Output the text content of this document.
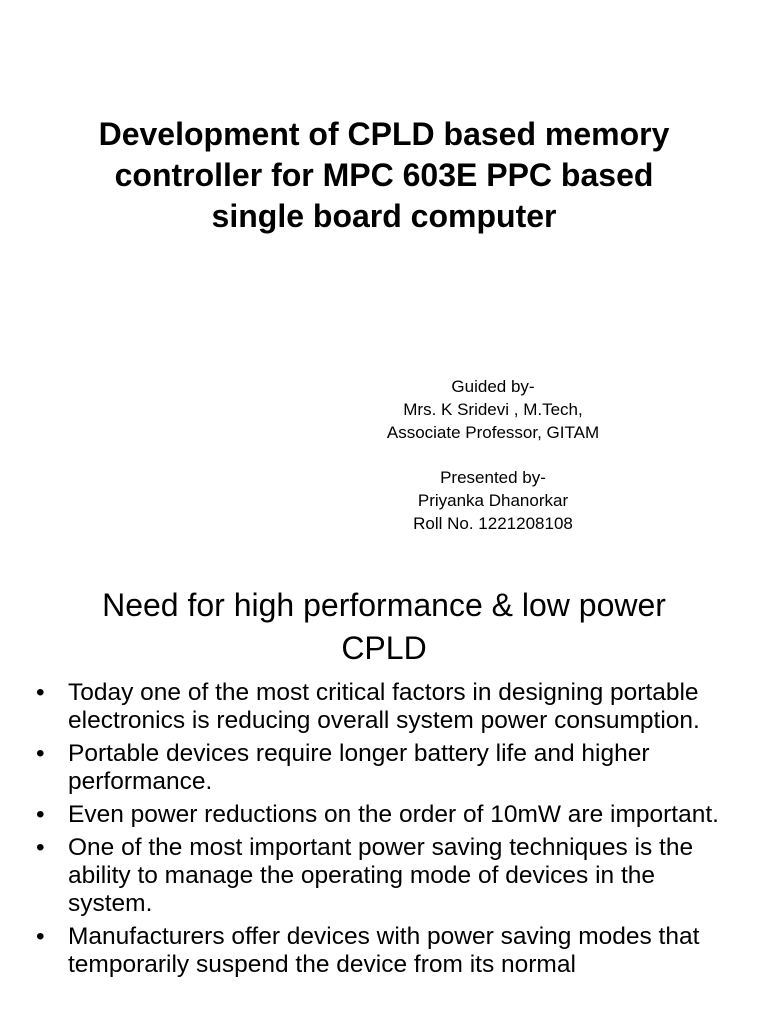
Development of CPLD based memory
controller for MPC 603E PPC based
single board computer
Guided by-
Mrs. K Sridevi , M.Tech,
Associate Professor, GITAM
Presented by-
Priyanka Dhanorkar
Roll No. 1221208108
Need for high performance & low power
CPLD
• Today one of the most critical factors in designing portable electronics is reducing overall system power consumption.
• Portable devices require longer battery life and higher performance.
• Even power reductions on the order of 10mW are important.
• One of the most important power saving techniques is the ability to manage the operating mode of devices in the system.
• Manufacturers offer devices with power saving modes that temporarily suspend the device from its normal
